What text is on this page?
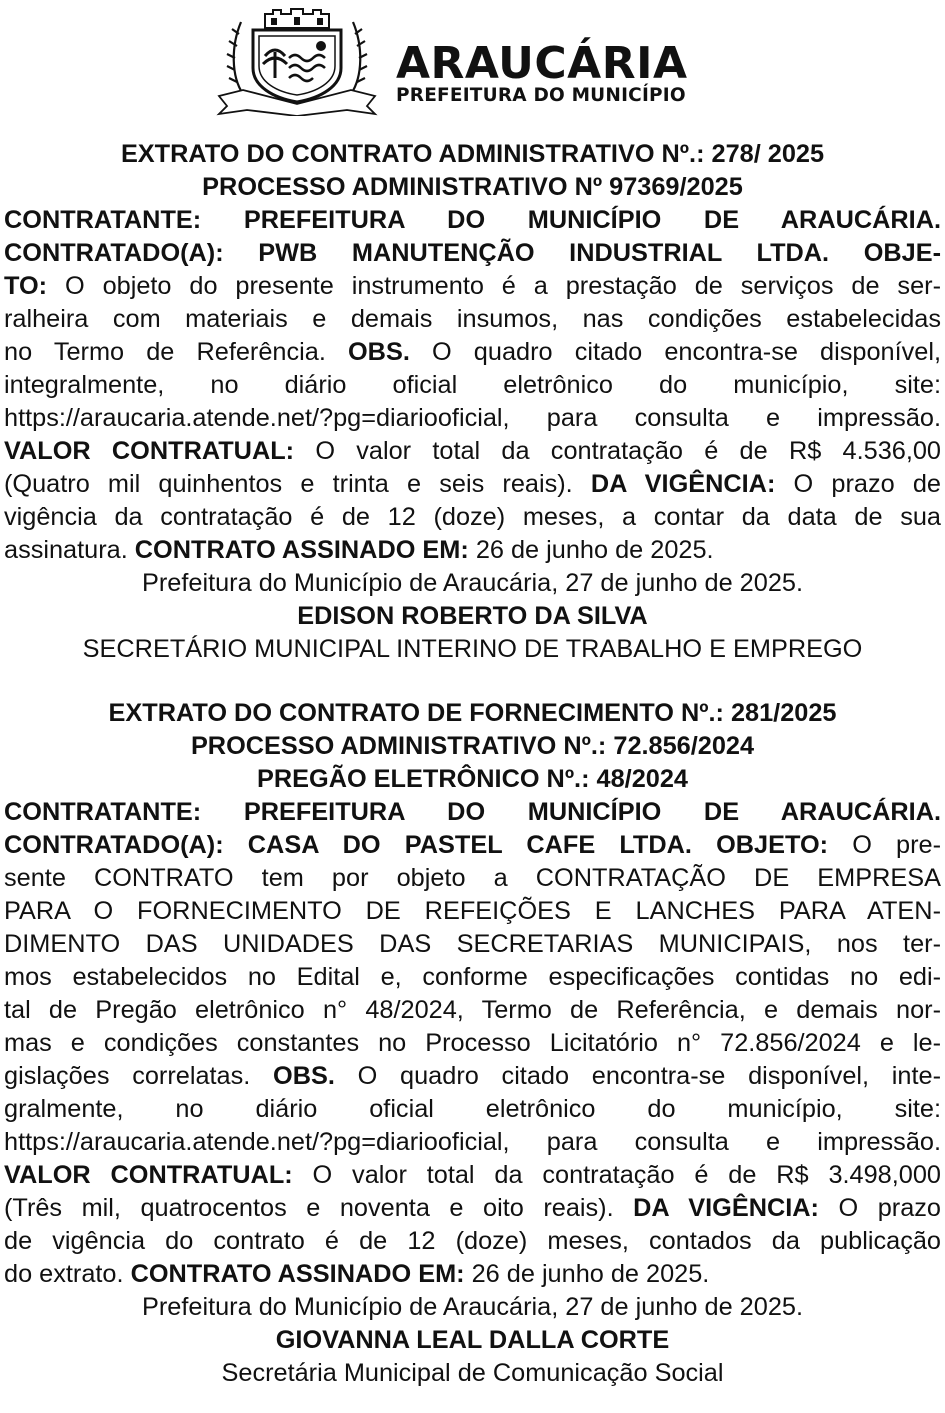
ARAUCÁRIA
PREFEITURA DO MUNICÍPIO
EXTRATO DO CONTRATO ADMINISTRATIVO Nº.: 278/ 2025
PROCESSO ADMINISTRATIVO Nº 97369/2025
CONTRATANTE: PREFEITURA DO MUNICÍPIO DE ARAUCÁRIA.
CONTRATADO(A): PWB MANUTENÇÃO INDUSTRIAL LTDA. OBJE-
TO: O objeto do presente instrumento é a prestação de serviços de ser-
ralheira com materiais e demais insumos, nas condições estabelecidas
no Termo de Referência. OBS. O quadro citado encontra-se disponível,
integralmente, no diário oficial eletrônico do município, site:
https://araucaria.atende.net/?pg=diariooficial, para consulta e impressão.
VALOR CONTRATUAL: O valor total da contratação é de R$ 4.536,00
(Quatro mil quinhentos e trinta e seis reais). DA VIGÊNCIA: O prazo de
vigência da contratação é de 12 (doze) meses, a contar da data de sua
assinatura. CONTRATO ASSINADO EM: 26 de junho de 2025.
Prefeitura do Município de Araucária, 27 de junho de 2025.
EDISON ROBERTO DA SILVA
SECRETÁRIO MUNICIPAL INTERINO DE TRABALHO E EMPREGO
EXTRATO DO CONTRATO DE FORNECIMENTO Nº.: 281/2025
PROCESSO ADMINISTRATIVO Nº.: 72.856/2024
PREGÃO ELETRÔNICO Nº.: 48/2024
CONTRATANTE: PREFEITURA DO MUNICÍPIO DE ARAUCÁRIA.
CONTRATADO(A): CASA DO PASTEL CAFE LTDA. OBJETO: O pre-
sente CONTRATO tem por objeto a CONTRATAÇÃO DE EMPRESA
PARA O FORNECIMENTO DE REFEIÇÕES E LANCHES PARA ATEN-
DIMENTO DAS UNIDADES DAS SECRETARIAS MUNICIPAIS, nos ter-
mos estabelecidos no Edital e, conforme especificações contidas no edi-
tal de Pregão eletrônico n° 48/2024, Termo de Referência, e demais nor-
mas e condições constantes no Processo Licitatório n° 72.856/2024 e le-
gislações correlatas. OBS. O quadro citado encontra-se disponível, inte-
gralmente, no diário oficial eletrônico do município, site:
https://araucaria.atende.net/?pg=diariooficial, para consulta e impressão.
VALOR CONTRATUAL: O valor total da contratação é de R$ 3.498,000
(Três mil, quatrocentos e noventa e oito reais). DA VIGÊNCIA: O prazo
de vigência do contrato é de 12 (doze) meses, contados da publicação
do extrato. CONTRATO ASSINADO EM: 26 de junho de 2025.
Prefeitura do Município de Araucária, 27 de junho de 2025.
GIOVANNA LEAL DALLA CORTE
Secretária Municipal de Comunicação Social
